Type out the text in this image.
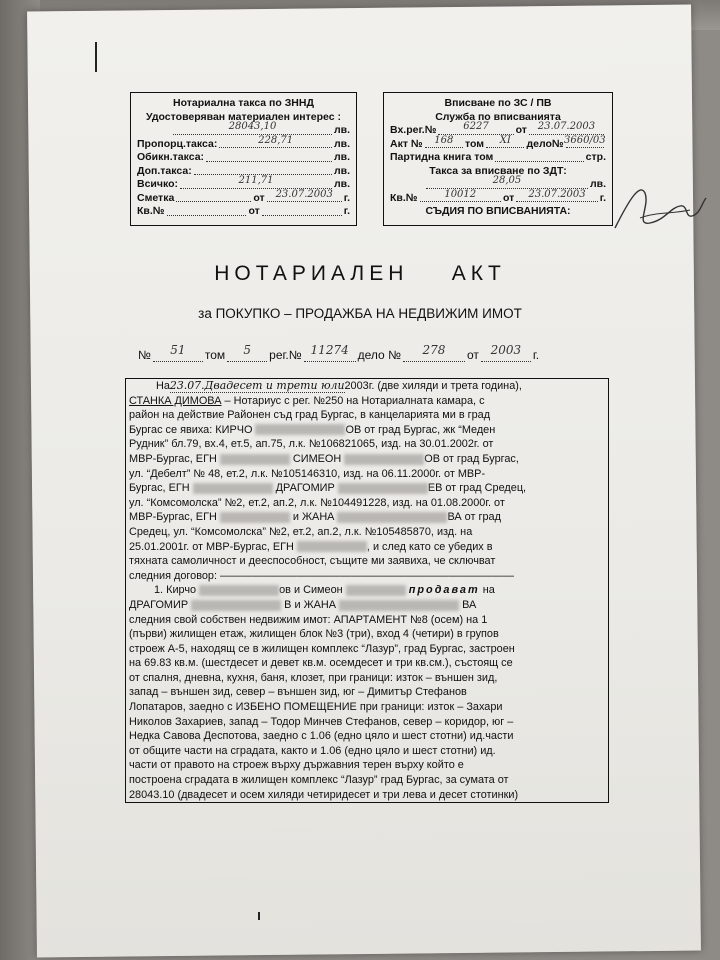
Нотариална такса по ЗННД
Удостоверяван материален интерес :
28043,10	лв.
Пропорц.такса:	228,71	лв.
Обикн.такса:	лв.
Доп.такса:	лв.
Всичко:	211,71	лв.
Сметка	от 23.07.2003 г.
Кв.№	от	г.
Вписване по ЗС / ПВ
Служба по вписванията
Вх.рег.№	6227	от 23.07.2003
Акт № 168 том XI дело№ 3660/03
Партидна книга том	стр.
Такса за вписване по ЗДТ:
28,05	лв.
Кв.№	10012	от 23.07.2003 г.
СЪДИЯ ПО ВПИСВАНИЯТА:
НОТАРИАЛЕН    АКТ
за ПОКУПКО – ПРОДАЖБА НА НЕДВИЖИМ ИМОТ
№ 51 том 5 рег.№ 11274 дело № 278 от 2003 г.

На23.07.Двадесет и трети юли2003г. (две хиляди и трета година),

СТАНКА ДИМОВА – Нотариус с рег. №250 на Нотариалната камара, с

район на действие Районен съд град Бургас, в канцеларията ми в град

Бургас се явиха: КИРЧО	ОВ от град Бургас, жк “Меден

Рудник” бл.79, вх.4, ет.5, ап.75, л.к. №106821065, изд. на 30.01.2002г. от

МВР-Бургас, ЕГН	СИМЕОН	ОВ от град Бургас,

ул. “Дебелт” № 48, ет.2, л.к. №105146310, изд. на 06.11.2000г. от МВР-

Бургас, ЕГН	ДРАГОМИР	ЕВ от град Средец,

ул. “Комсомолска” №2, ет.2, ап.2, л.к. №104491228, изд. на 01.08.2000г. от

МВР-Бургас, ЕГН	и ЖАНА	ВА от град

Средец, ул. “Комсомолска” №2, ет.2, ап.2, л.к. №105485870, изд. на

25.01.2001г. от МВР-Бургас, ЕГН	, и след като се убедих в

тяхната самоличност и дееспособност, същите ми заявиха, че сключват

следния договор: ———————————————————————————

1. Кирчо	ов и Симеон	продават на

ДРАГОМИР	В и ЖАНА	ВА

следния свой собствен недвижим имот: АПАРТАМЕНТ №8 (осем) на 1

(първи) жилищен етаж, жилищен блок №3 (три), вход 4 (четири) в групов

строеж А-5, находящ се в жилищен комплекс “Лазур”, град Бургас, застроен

на 69.83 кв.м. (шестдесет и девет кв.м. осемдесет и три кв.см.), състоящ се

от спалня, дневна, кухня, баня, клозет, при граници: изток – външен зид,

запад – външен зид, север – външен зид, юг – Димитър Стефанов

Лопатаров, заедно с ИЗБЕНО ПОМЕЩЕНИЕ при граници: изток – Захари

Николов Захариев, запад – Тодор Минчев Стефанов, север – коридор, юг –

Недка Савова Деспотова, заедно с 1.06 (едно цяло и шест стотни) ид.части

от общите части на сградата, както и 1.06 (едно цяло и шест стотни) ид.

части от правото на строеж върху държавния терен върху който е

построена сградата в жилищен комплекс “Лазур” град Бургас, за сумата от

28043.10 (двадесет и осем хиляди четиридесет и три лева и десет стотинки)
